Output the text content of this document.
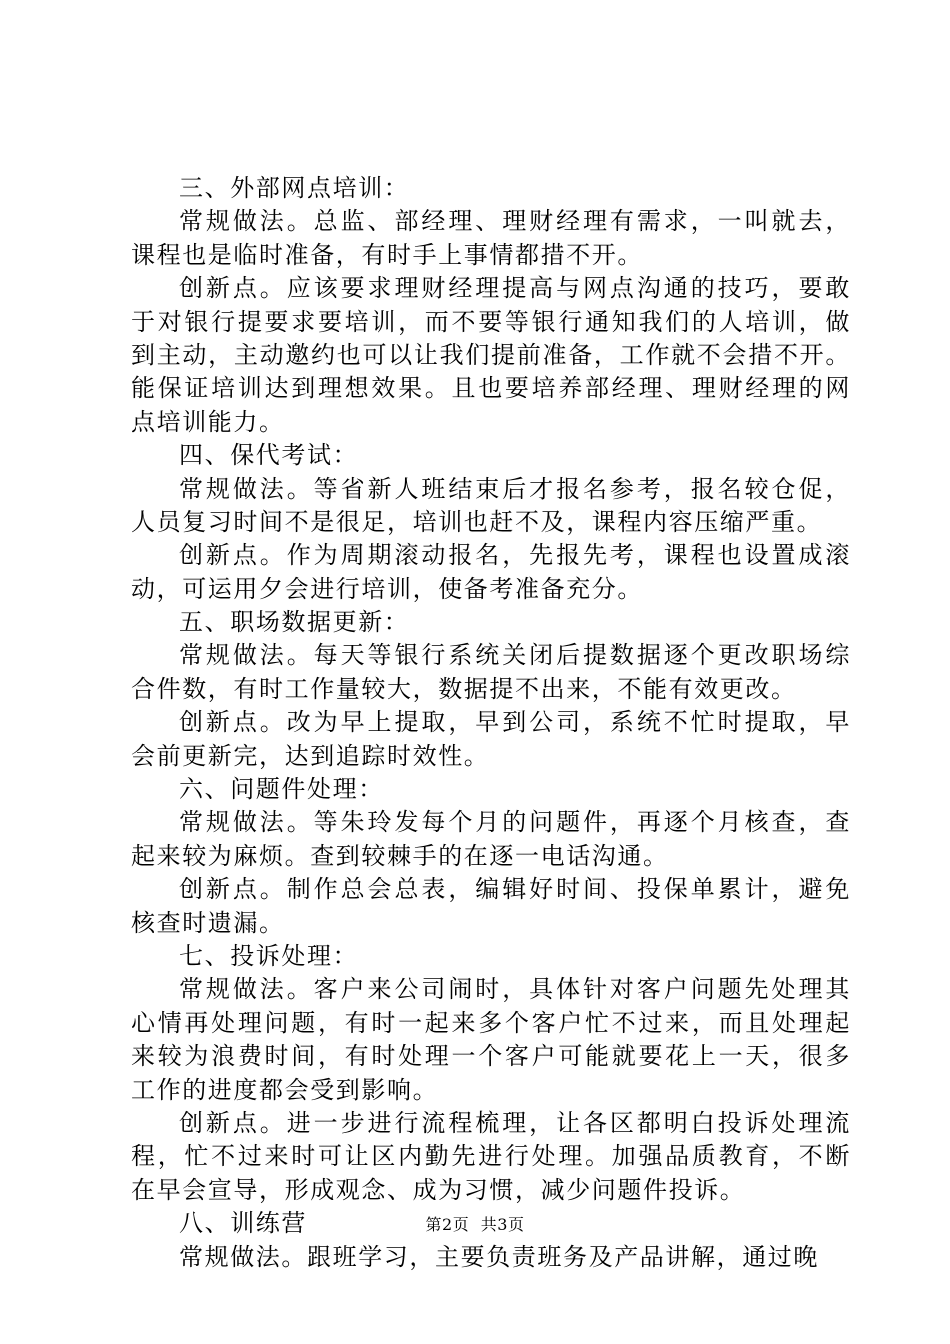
三、外部网点培训：
常规做法。总监、部经理、理财经理有需求，一叫就去，
课程也是临时准备，有时手上事情都措不开。
创新点。应该要求理财经理提高与网点沟通的技巧，要敢
于对银行提要求要培训，而不要等银行通知我们的人培训，做
到主动，主动邀约也可以让我们提前准备，工作就不会措不开。
能保证培训达到理想效果。且也要培养部经理、理财经理的网
点培训能力。
四、保代考试：
常规做法。等省新人班结束后才报名参考，报名较仓促，
人员复习时间不是很足，培训也赶不及，课程内容压缩严重。
创新点。作为周期滚动报名，先报先考，课程也设置成滚
动，可运用夕会进行培训，使备考准备充分。
五、职场数据更新：
常规做法。每天等银行系统关闭后提数据逐个更改职场综
合件数，有时工作量较大，数据提不出来，不能有效更改。
创新点。改为早上提取，早到公司，系统不忙时提取，早
会前更新完，达到追踪时效性。
六、问题件处理：
常规做法。等朱玲发每个月的问题件，再逐个月核查，查
起来较为麻烦。查到较棘手的在逐一电话沟通。
创新点。制作总会总表，编辑好时间、投保单累计，避免
核查时遗漏。
七、投诉处理：
常规做法。客户来公司闹时，具体针对客户问题先处理其
心情再处理问题，有时一起来多个客户忙不过来，而且处理起
来较为浪费时间，有时处理一个客户可能就要花上一天，很多
工作的进度都会受到影响。
创新点。进一步进行流程梳理，让各区都明白投诉处理流
程，忙不过来时可让区内勤先进行处理。加强品质教育，不断
在早会宣导，形成观念、成为习惯，减少问题件投诉。
八、训练营
常规做法。跟班学习，主要负责班务及产品讲解，通过晚
第2页 共3页
